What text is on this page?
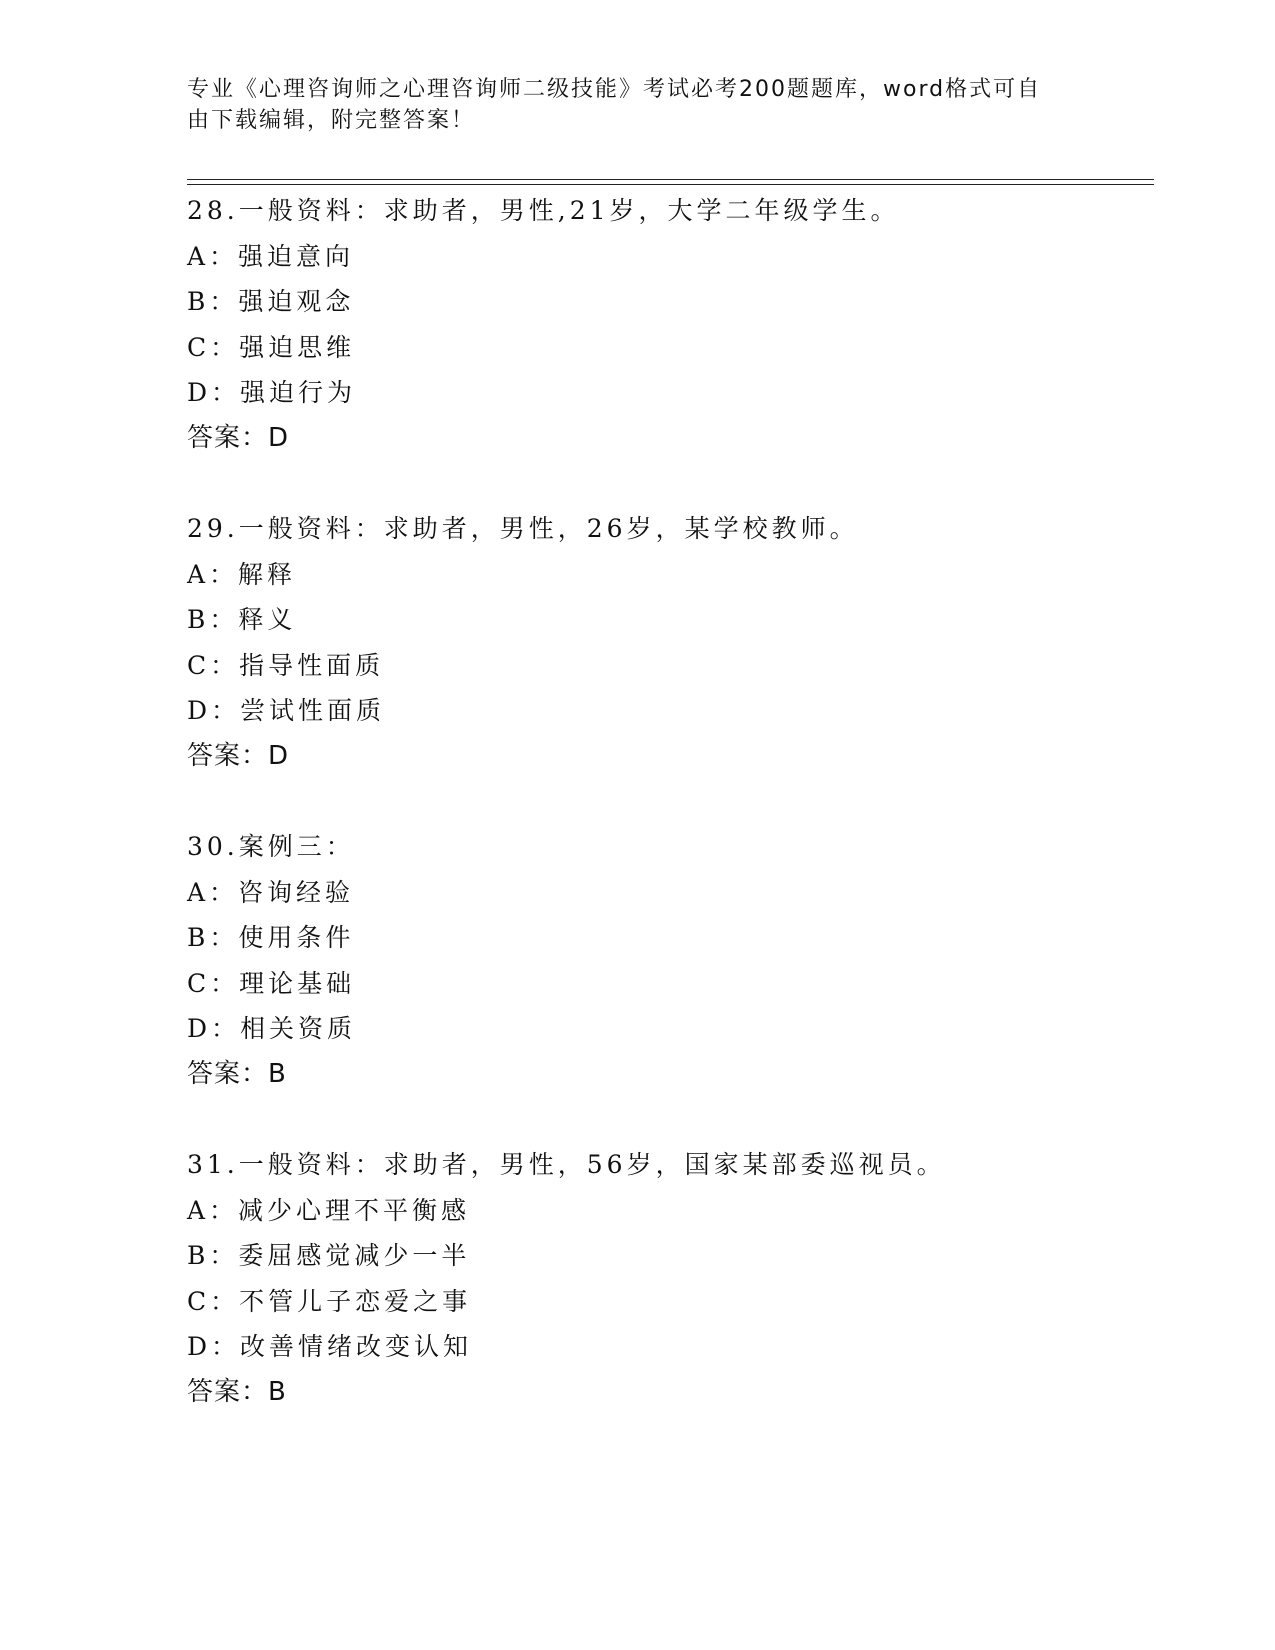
专业《心理咨询师之心理咨询师二级技能》考试必考200题题库，word格式可自
由下载编辑，附完整答案！
28.一般资料：求助者，男性,21岁，大学二年级学生。
A：强迫意向
B：强迫观念
C：强迫思维
D：强迫行为
答案：D
29.一般资料：求助者，男性，26岁，某学校教师。
A：解释
B：释义
C：指导性面质
D：尝试性面质
答案：D
30.案例三：
A：咨询经验
B：使用条件
C：理论基础
D：相关资质
答案：B
31.一般资料：求助者，男性，56岁，国家某部委巡视员。
A：减少心理不平衡感
B：委屈感觉减少一半
C：不管儿子恋爱之事
D：改善情绪改变认知
答案：B
